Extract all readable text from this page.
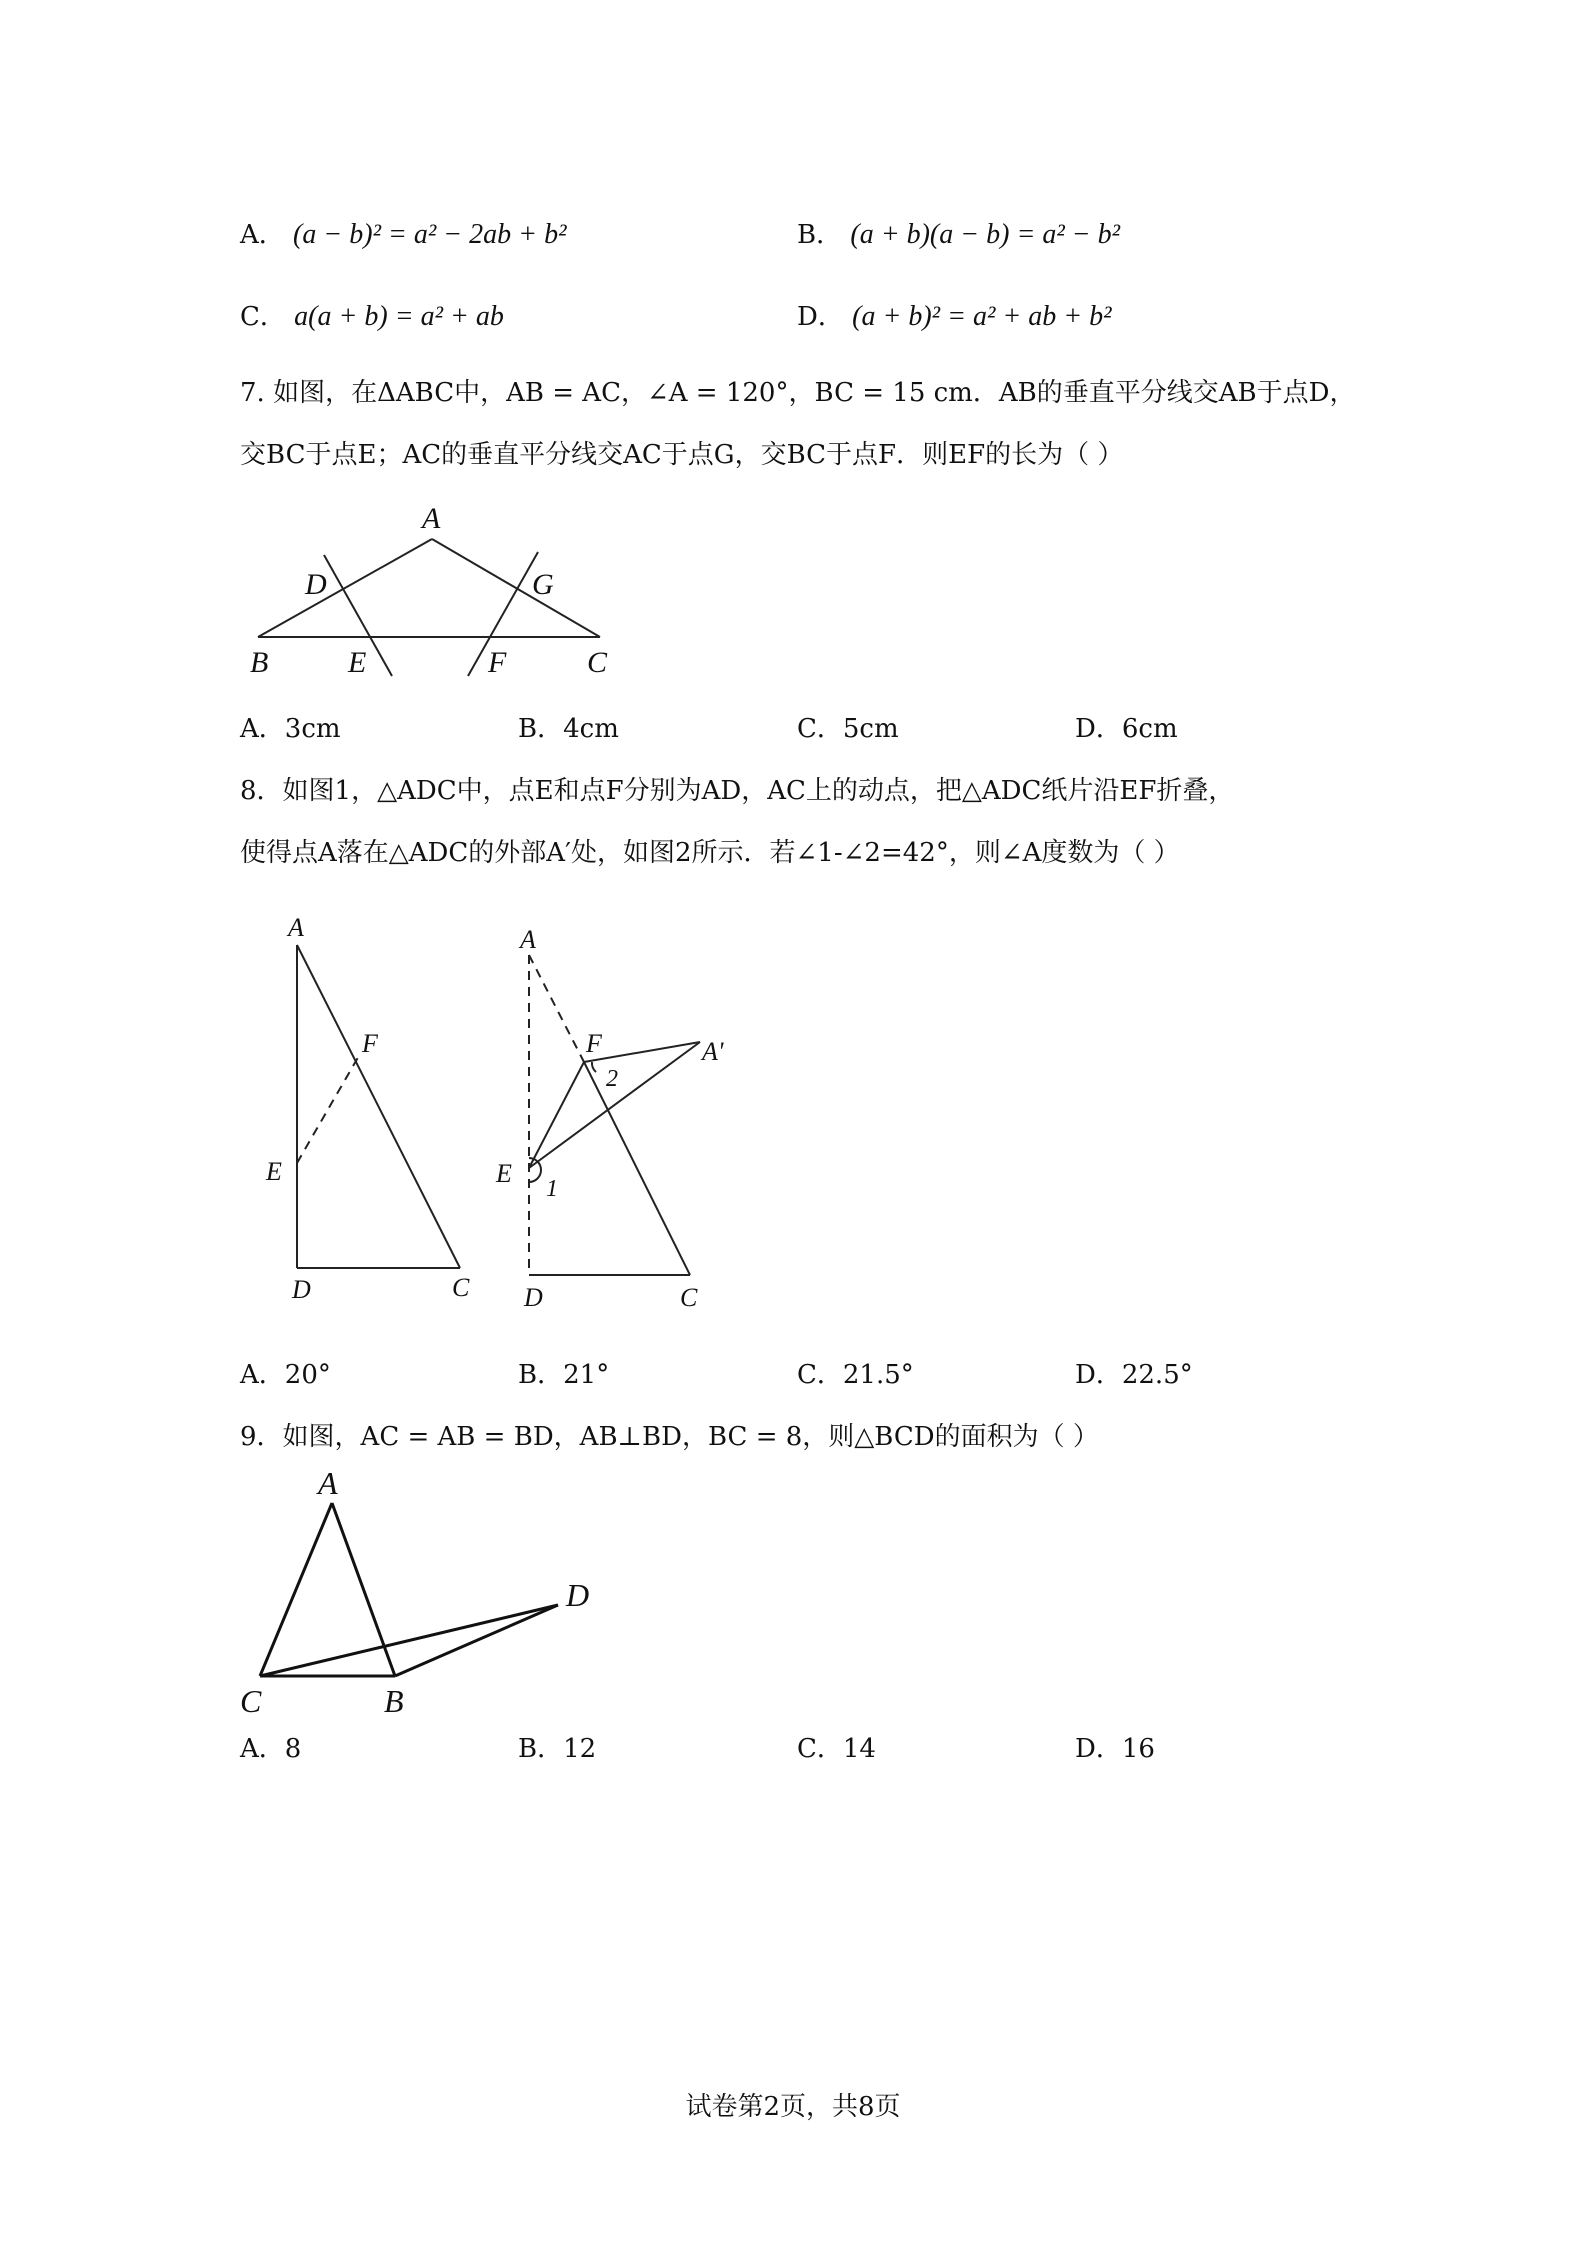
A． (a − b)² = a² − 2ab + b²	B． (a + b)(a − b) = a² − b²
C． a(a + b) = a² + ab	D． (a + b)² = a² + ab + b²
7. 如图，在ΔABC中，AB = AC，∠A = 120°，BC = 15 cm．AB的垂直平分线交AB于点D，
交BC于点E；AC的垂直平分线交AC于点G，交BC于点F．则EF的长为（ ）
A
D	G
B	E	F	C
A．3cm	B．4cm	C．5cm	D．6cm
8．如图1，△ADC中，点E和点F分别为AD，AC上的动点，把△ADC纸片沿EF折叠，
使得点A落在△ADC的外部A′处，如图2所示．若∠1-∠2=42°，则∠A度数为（ ）
A
F
E
D	C
A
F	A'
2
E
1
D	C
A．20°	B．21°	C．21.5°	D．22.5°
9．如图，AC = AB = BD，AB⊥BD，BC = 8，则△BCD的面积为（ ）
A
C	B
D
A．8	B．12	C．14	D．16
试卷第2页，共8页
